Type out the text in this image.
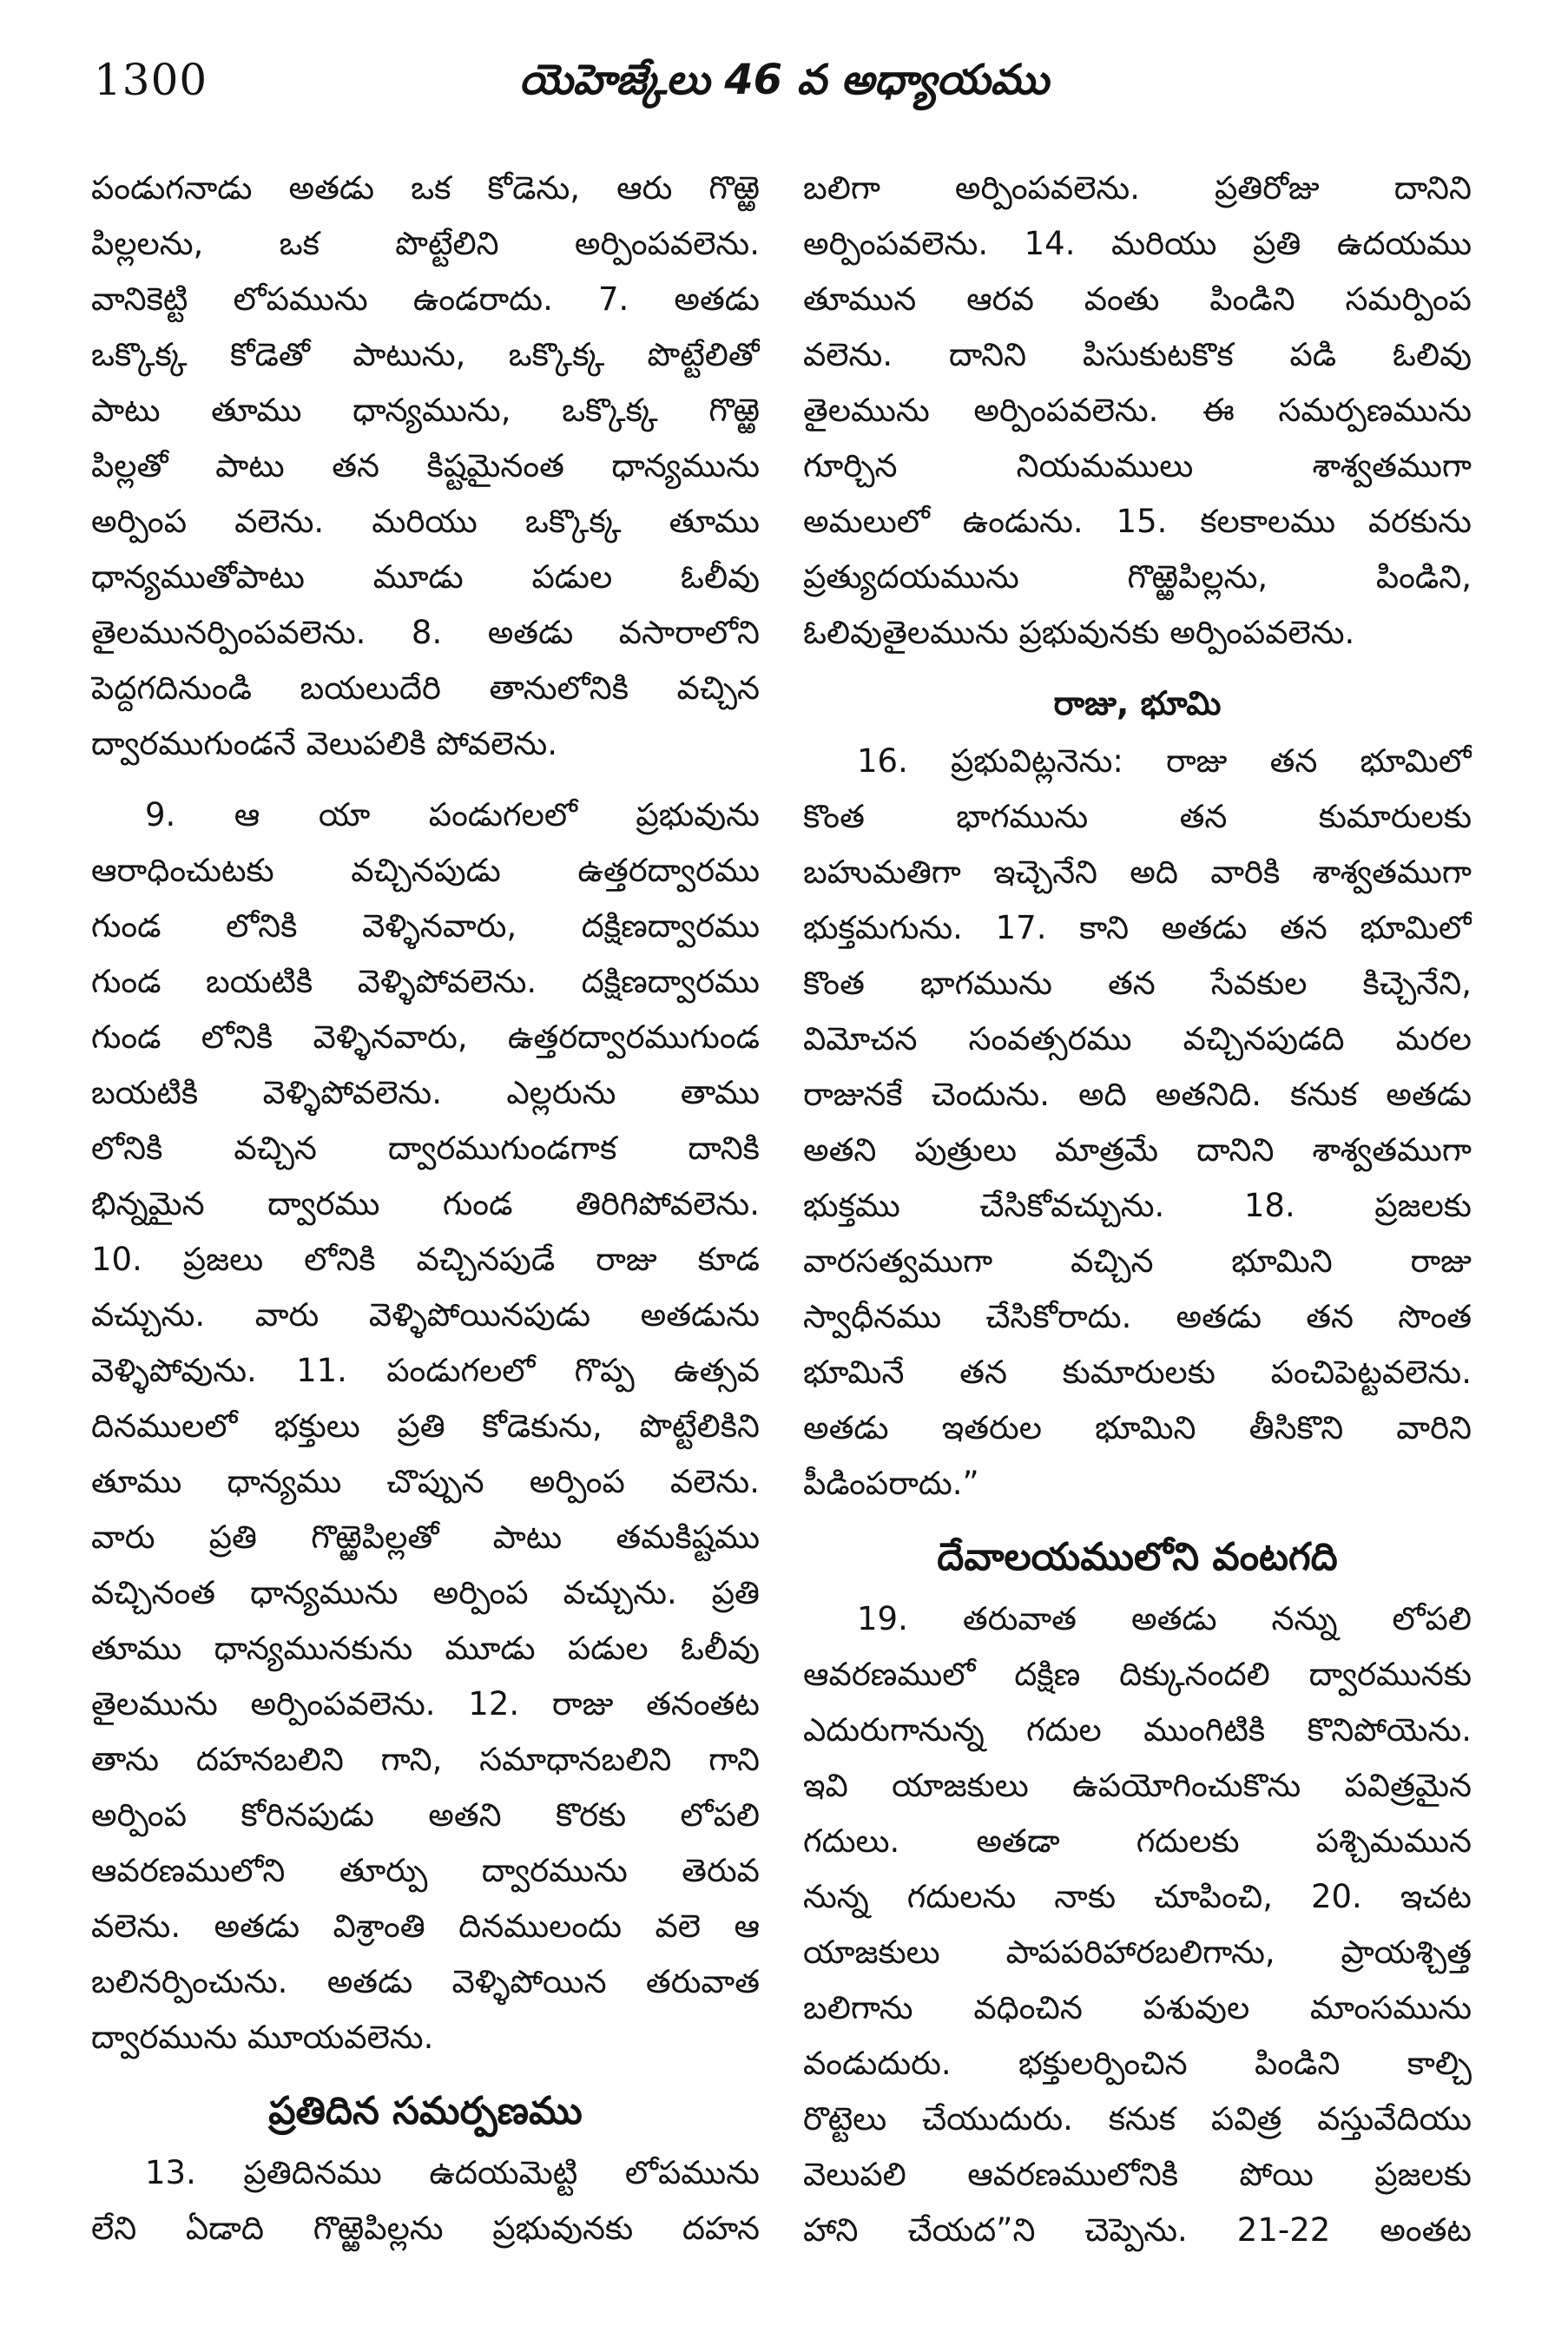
1300	యెహెజ్కేలు 46 వ అధ్యాయము
పండుగనాడు అతడు ఒక కోడెను, ఆరు గొఱ్ఱె
పిల్లలను, ఒక పొట్టేలిని అర్పింపవలెను.
వానికెట్టి లోపమును ఉండరాదు. 7. అతడు
ఒక్కొక్క కోడెతో పాటును, ఒక్కొక్క పొట్టేలితో
పాటు తూము ధాన్యమును, ఒక్కొక్క గొఱ్ఱె
పిల్లతో పాటు తన కిష్టమైనంత ధాన్యమును
అర్పింప వలెను. మరియు ఒక్కొక్క తూము
ధాన్యముతోపాటు మూడు పడుల ఓలీవు
తైలమునర్పింపవలెను. 8. అతడు వసారాలోని
పెద్దగదినుండి బయలుదేరి తానులోనికి వచ్చిన
ద్వారముగుండనే వెలుపలికి పోవలెను.
9. ఆ యా పండుగలలో ప్రభువును
ఆరాధించుటకు వచ్చినపుడు ఉత్తరద్వారము
గుండ లోనికి వెళ్ళినవారు, దక్షిణద్వారము
గుండ బయటికి వెళ్ళిపోవలెను. దక్షిణద్వారము
గుండ లోనికి వెళ్ళినవారు, ఉత్తరద్వారముగుండ
బయటికి వెళ్ళిపోవలెను. ఎల్లరును తాము
లోనికి వచ్చిన ద్వారముగుండగాక దానికి
భిన్నమైన ద్వారము గుండ తిరిగిపోవలెను.
10. ప్రజలు లోనికి వచ్చినపుడే రాజు కూడ
వచ్చును. వారు వెళ్ళిపోయినపుడు అతడును
వెళ్ళిపోవును. 11. పండుగలలో గొప్ప ఉత్సవ
దినములలో భక్తులు ప్రతి కోడెకును, పొట్టేలికిని
తూము ధాన్యము చొప్పున అర్పింప వలెను.
వారు ప్రతి గొఱ్ఱెపిల్లతో పాటు తమకిష్టము
వచ్చినంత ధాన్యమును అర్పింప వచ్చును. ప్రతి
తూము ధాన్యమునకును మూడు పడుల ఓలీవు
తైలమును అర్పింపవలెను. 12. రాజు తనంతట
తాను దహనబలిని గాని, సమాధానబలిని గాని
అర్పింప కోరినపుడు అతని కొరకు లోపలి
ఆవరణములోని తూర్పు ద్వారమును తెరువ
వలెను. అతడు విశ్రాంతి దినములందు వలె ఆ
బలినర్పించును. అతడు వెళ్ళిపోయిన తరువాత
ద్వారమును మూయవలెను.
ప్రతిదిన సమర్పణము
13. ప్రతిదినము ఉదయమెట్టి లోపమును
లేని ఏడాది గొఱ్ఱెపిల్లను ప్రభువునకు దహన
బలిగా అర్పింపవలెను. ప్రతిరోజు దానిని
అర్పింపవలెను. 14. మరియు ప్రతి ఉదయము
తూమున ఆరవ వంతు పిండిని సమర్పింప
వలెను. దానిని పిసుకుటకొక పడి ఓలివు
తైలమును అర్పింపవలెను. ఈ సమర్పణమును
గూర్చిన నియమములు శాశ్వతముగా
అమలులో ఉండును. 15. కలకాలము వరకును
ప్రత్యుదయమును గొఱ్ఱెపిల్లను, పిండిని,
ఓలివుతైలమును ప్రభువునకు అర్పింపవలెను.
రాజు, భూమి
16. ప్రభువిట్లనెను: రాజు తన భూమిలో
కొంత భాగమును తన కుమారులకు
బహుమతిగా ఇచ్చెనేని అది వారికి శాశ్వతముగా
భుక్తమగును. 17. కాని అతడు తన భూమిలో
కొంత భాగమును తన సేవకుల కిచ్చెనేని,
విమోచన సంవత్సరము వచ్చినపుడది మరల
రాజునకే చెందును. అది అతనిది. కనుక అతడు
అతని పుత్రులు మాత్రమే దానిని శాశ్వతముగా
భుక్తము చేసికోవచ్చును. 18. ప్రజలకు
వారసత్వముగా వచ్చిన భూమిని రాజు
స్వాధీనము చేసికోరాదు. అతడు తన సొంత
భూమినే తన కుమారులకు పంచిపెట్టవలెను.
అతడు ఇతరుల భూమిని తీసికొని వారిని
పీడింపరాదు.”
దేవాలయములోని వంటగది
19. తరువాత అతడు నన్ను లోపలి
ఆవరణములో దక్షిణ దిక్కునందలి ద్వారమునకు
ఎదురుగానున్న గదుల ముంగిటికి కొనిపోయెను.
ఇవి యాజకులు ఉపయోగించుకొను పవిత్రమైన
గదులు. అతడా గదులకు పశ్చిమమున
నున్న గదులను నాకు చూపించి, 20. ఇచట
యాజకులు పాపపరిహారబలిగాను, ప్రాయశ్చిత్త
బలిగాను వధించిన పశువుల మాంసమును
వండుదురు. భక్తులర్పించిన పిండిని కాల్చి
రొట్టెలు చేయుదురు. కనుక పవిత్ర వస్తువేదియు
వెలుపలి ఆవరణములోనికి పోయి ప్రజలకు
హాని చేయద”ని చెప్పెను. 21-22 అంతట
